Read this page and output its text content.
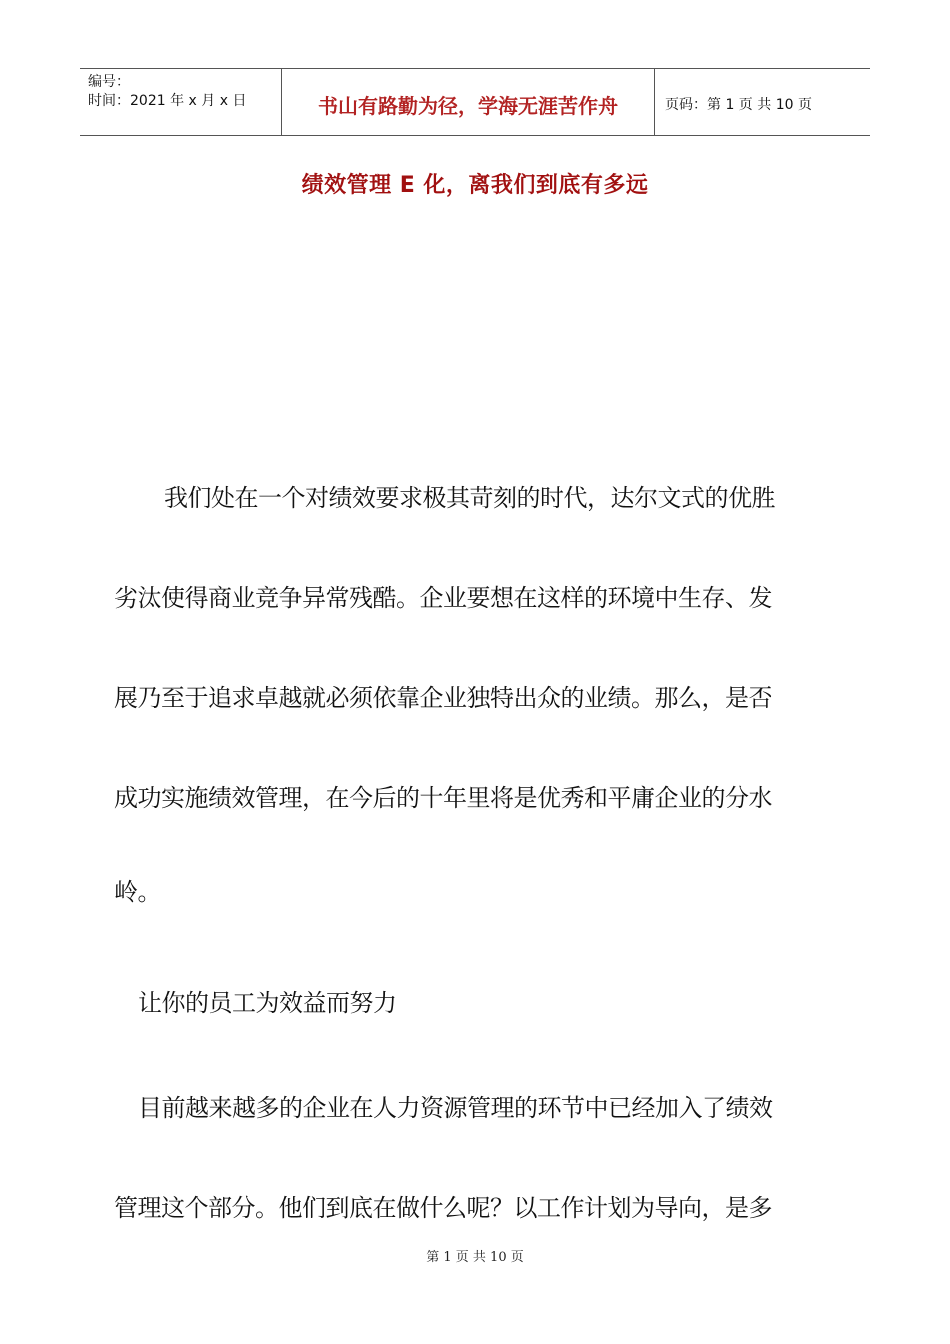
编号：
时间：2021 年 x 月 x 日	书山有路勤为径，学海无涯苦作舟	页码：第 1 页 共 10 页
绩效管理 E 化，离我们到底有多远
我们处在一个对绩效要求极其苛刻的时代，达尔文式的优胜
劣汰使得商业竞争异常残酷。企业要想在这样的环境中生存、发
展乃至于追求卓越就必须依靠企业独特出众的业绩。那么，是否
成功实施绩效管理，在今后的十年里将是优秀和平庸企业的分水
岭。
让你的员工为效益而努力
目前越来越多的企业在人力资源管理的环节中已经加入了绩效
管理这个部分。他们到底在做什么呢？以工作计划为导向，是多
第 1 页 共 10 页
